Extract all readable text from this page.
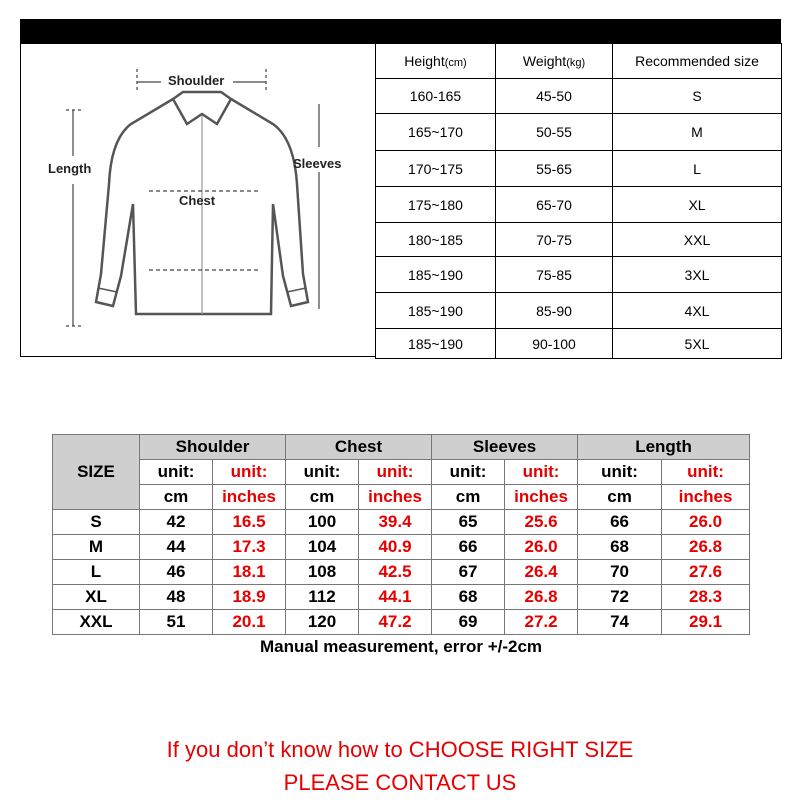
Shoulder
Length	Sleeves
Chest
Height(cm)	Weight(kg)	Recommended size
160-165	45-50	S
165~170	50-55	M
170~175	55-65	L
175~180	65-70	XL
180~185	70-75	XXL
185~190	75-85	3XL
185~190	85-90	4XL
185~190	90-100	5XL
SIZE	Shoulder		Chest		Sleeves		Length	
	unit:	unit:	unit:	unit:	unit:	unit:	unit:	unit:
	cm	inches	cm	inches	cm	inches	cm	inches
S	42	16.5	100	39.4	65	25.6	66	26.0
M	44	17.3	104	40.9	66	26.0	68	26.8
L	46	18.1	108	42.5	67	26.4	70	27.6
XL	48	18.9	112	44.1	68	26.8	72	28.3
XXL	51	20.1	120	47.2	69	27.2	74	29.1
Manual measurement, error +/-2cm								
If you don’t know how to CHOOSE RIGHT SIZE
PLEASE CONTACT US
